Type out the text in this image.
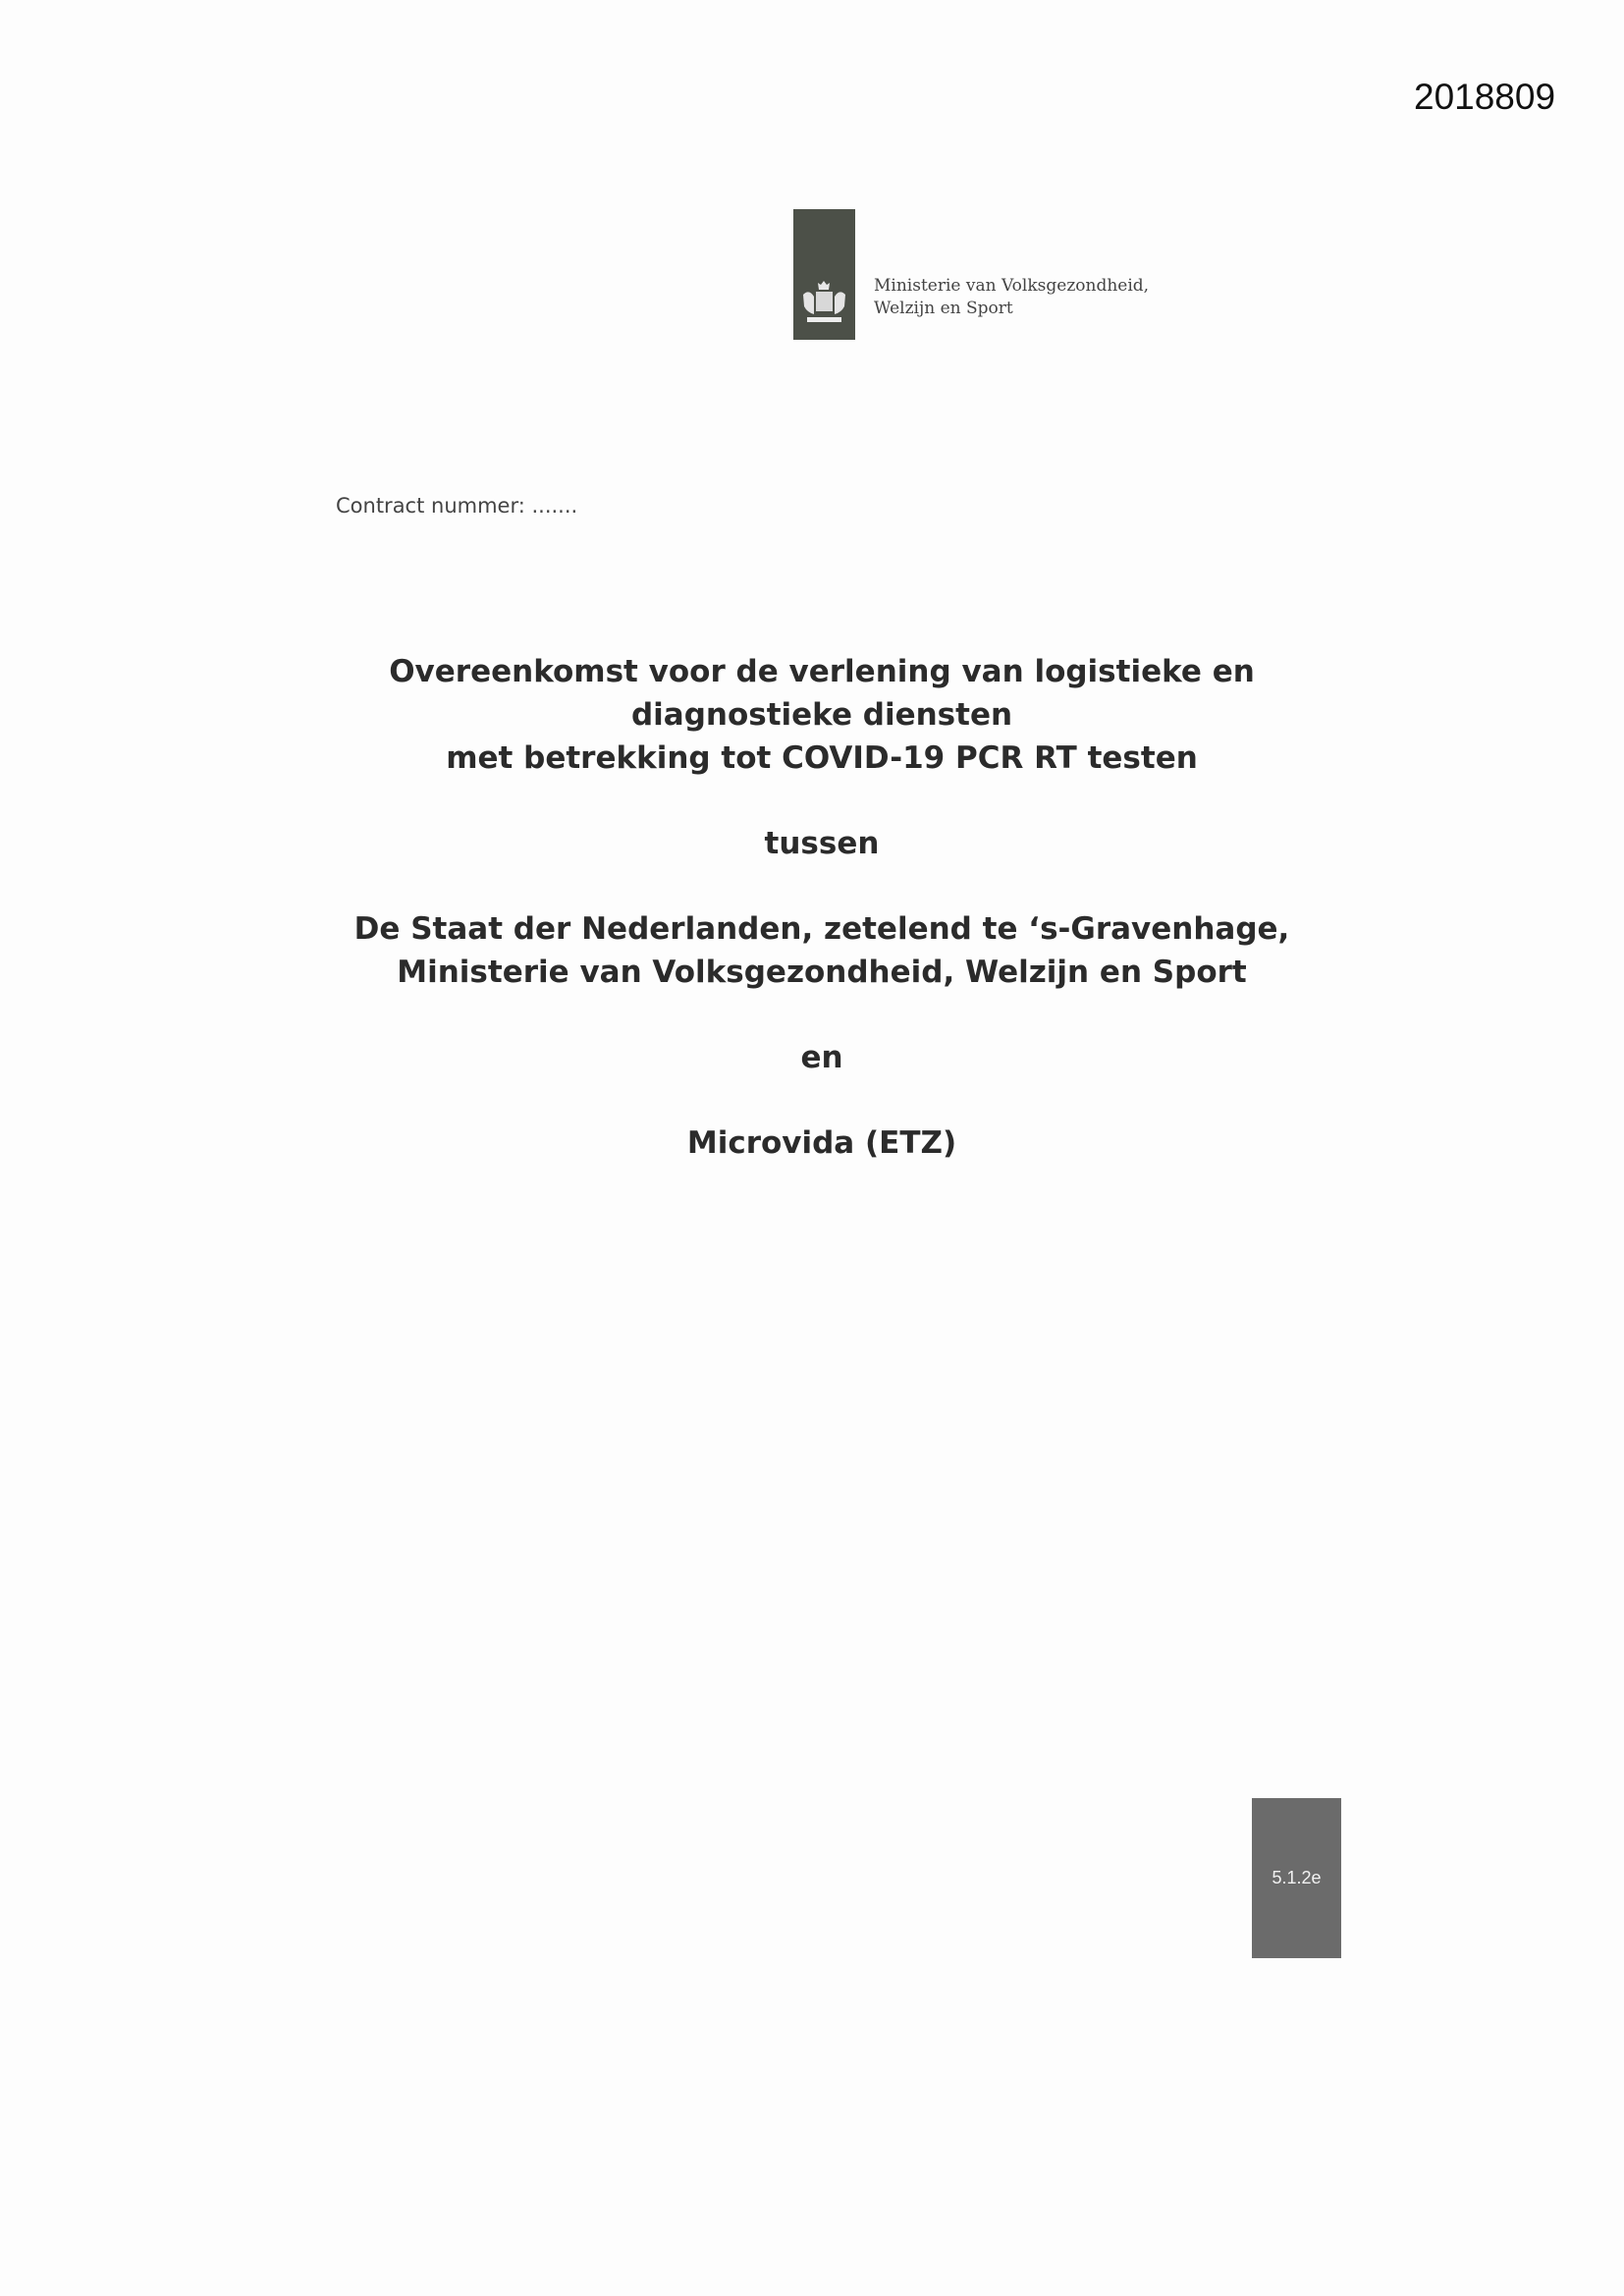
2018809
Ministerie van Volksgezondheid,
Welzijn en Sport
Contract nummer: .......
Overeenkomst voor de verlening van logistieke en
diagnostieke diensten
met betrekking tot COVID-19 PCR RT testen
tussen
De Staat der Nederlanden, zetelend te ‘s-Gravenhage,
Ministerie van Volksgezondheid, Welzijn en Sport
en
Microvida (ETZ)
5.1.2e
